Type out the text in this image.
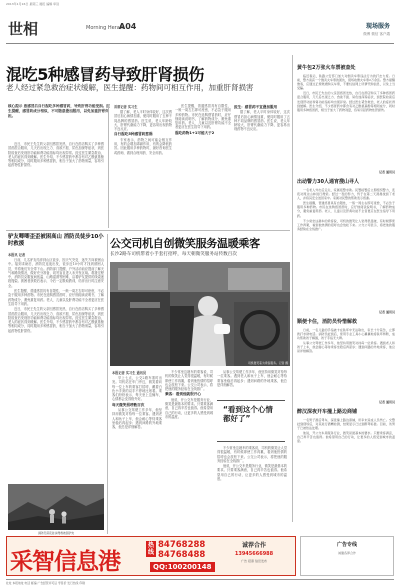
2013年1月16日 星期三 晨报 编辑 审读
世相	Morning Herald
A04	现场服务
微博 微信 客户端
混吃5种感冒药导致肝肾损伤
老人经过紧急救治症状缓解，医生提醒：药物间可相互作用，加重肝肾损害
核心提示 患感冒后自行混吃多种感冒药，导致肝肾功能受损。医生提醒，感冒药成分相似，不可随意叠加服用，以免加重肝肾负担。

近日，市民王先生的父亲因感冒发热，自行在药店购买了多种感冒药混合服用，几天后出现乏力、食欲不振、尿色加深等症状，到医院检查后发现肝功能和肾功能指标均出现异常。经过医生紧急救治，老人的症状得到缓解。医生介绍，不少感冒药中都含有对乙酰氨基酚等相同成分，同时服用多种感冒药，相当于加大了药物剂量，容易引起药物性肝损伤。

首席记者 实习生

据了解，老人平时身体较好，这次感冒后担心病情加重，便同时服用了五种不同品牌的感冒药。医生说，老人年龄较大，肝肾代谢能力下降，更容易出现药物不良反应。

自行混吃5种感冒药惹祸

专家表示，药物之间可能会相互作用，有的会增加毒副作用，有的会降低药效。因此服用多种药物时，最好咨询医生或药师，做到合理用药、安全用药。

医生提醒，普通感冒具有自限性，一般一周左右即可痊愈，不必急于服用多种药物。市民在选购感冒药时，应仔细阅读说明书，了解药物成分，避免重复用药。老人、儿童以及肝肾功能不全者更应在医生指导下用药。

混吃药物1+1可能大于2

医生：感冒药不宜叠加服用

据了解，老人平时身体较好，这次感冒后担心病情加重，便同时服用了五种不同品牌的感冒药。医生说，老人年龄较大，肝肾代谢能力下降，更容易出现药物不良反应。

驴友唧唧歪歪被困高山 消防员徒步10小时救援
本报讯 记者

日前，几名驴友结伴到山区徒步，因天气突变、迷失方向被困山中。接到求助后，消防员连夜出发，徒步近10小时才找到被困人员，并将他们安全带下山。消防部门提醒，户外活动前应提前了解天气和路线情况，做好充分准备，切勿盲目进入未开发区域。救援过程中，消防员克服夜间低温、山路湿滑等困难，沿着驴友提供的线索逐段搜索。被困者获救后表示，今后一定吸取教训，结伴出行时注意安全。

医生提醒，普通感冒具有自限性，一般一周左右即可痊愈，不必急于服用多种药物。市民在选购感冒药时，应仔细阅读说明书，了解药物成分，避免重复用药。老人、儿童以及肝肾功能不全者更应在医生指导下用药。

近日，市民王先生的父亲因感冒发热，自行在药店购买了多种感冒药混合服用，几天后出现乏力、食欲不振、尿色加深等症状，到医院检查后发现肝功能和肾功能指标均出现异常。经过医生紧急救治，老人的症状得到缓解。医生介绍，不少感冒药中都含有对乙酰氨基酚等相同成分，同时服用多种感冒药，相当于加大了药物剂量，容易引起药物性肝损伤。

消防员深夜徒步搜救被困驴友
公交司机自创微笑服务温暖乘客
长沙2路车司机带着小手套打招呼，每天朝微笑服务站传数百次
司机微笑着为乘客服务。记者 摄
本报记者 实习生 通讯员

早上七点，公交2路车准时出发。司机站在车门旁边，微笑着向每一位上车的乘客打招呼，戴着白色小手套的双手不停地比划着。乘客们纷纷表示，每天坐上这辆车，心情都会变得格外好。

每天微笑招呼数百次

从事公交驾驶工作多年，他坚持用微笑对待每一位乘客。遇到老人和孩子上车，他会耐心等待乘客坐稳后再起步；遇到问路的外地乘客，他总是详细解答。

不少常坐这趟车的乘客说，司机的微笑让人觉得很温暖，有时候即使工作再累，看到他热情的招呼也会放松下来。公交公司表示，将把他的服务经验在全线推广。

乘客：看到他就很开心

他说，开公交车是服务行业，微笑是最基本的要求。只要乘客满意，自己再辛苦也值得。他希望用自己的行动，让更多的人感受到城市的温度。

从事公交驾驶工作多年，他坚持用微笑对待每一位乘客。遇到老人和孩子上车，他会耐心等待乘客坐稳后再起步；遇到问路的外地乘客，他总是详细解答。

“看到这个心情都好了”

不少常坐这趟车的乘客说，司机的微笑让人觉得很温暖，有时候即使工作再累，看到他热情的招呼也会放松下来。公交公司表示，将把他的服务经验在全线推广。

他说，开公交车是服务行业，微笑是最基本的要求。只要乘客满意，自己再辛苦也值得。他希望用自己的行动，让更多的人感受到城市的温度。

黄牛包2万张火车票被查处

临近春运，铁路公安部门加大对倒卖车票违法行为的打击力度。日前，警方查获一个倒卖火车票的团伙，现场收缴火车票2万余张。警方提醒旅客，应通过正规渠道购买车票，不要轻信网上所谓代购信息，以免上当受骗。

近日，市民王先生的父亲因感冒发热，自行在药店购买了多种感冒药混合服用，几天后出现乏力、食欲不振、尿色加深等症状，到医院检查后发现肝功能和肾功能指标均出现异常。经过医生紧急救治，老人的症状得到缓解。医生介绍，不少感冒药中都含有对乙酰氨基酚等相同成分，同时服用多种感冒药，相当于加大了药物剂量，容易引起药物性肝损伤。

记者 通讯员
出动警力30人通宵搜山寻人

一名老人外出后走失，家属报警求助。民警接警后立即组织警力，连夜对周边山林进行搜索。经过一夜的努力，终于在第二天清晨找到了老人，并将其安全送回家中。家属对民警的帮助表示感谢。

医生提醒，普通感冒具有自限性，一般一周左右即可痊愈，不必急于服用多种药物。市民在选购感冒药时，应仔细阅读说明书，了解药物成分，避免重复用药。老人、儿童以及肝肾功能不全者更应在医生指导下用药。

不少常坐这趟车的乘客说，司机的微笑让人觉得很温暖，有时候即使工作再累，看到他热情的招呼也会放松下来。公交公司表示，将把他的服务经验在全线推广。

记者 通讯员
顺便卡住，消防员怜惜解救

日前，一名儿童的手指被卡在铁环中无法取出，家长十分着急，立即拨打求助电话。消防员赶到后，使用专业工具小心翼翼地将铁环剪断，成功帮助孩子解围，孩子手指无大碍。

从事公交驾驶工作多年，他坚持用微笑对待每一位乘客。遇到老人和孩子上车，他会耐心等待乘客坐稳后再起步；遇到问路的外地乘客，他总是详细解答。

记者 通讯员
醉汉深夜开车撞上路边商铺

一名男子酒后驾车，深夜撞上路边商铺，所幸未造成人员伤亡。交警赶到现场后，对其进行酒精检测，结果显示已达到醉驾标准。目前，该男子已被依法处理。

他说，开公交车是服务行业，微笑是最基本的要求。只要乘客满意，自己再辛苦也值得。他希望用自己的行动，让更多的人感受到城市的温度。

采智信息港
热线
84768288
84768488
QQ:100200148
诚荐合作
13945666988
广告 招商 信息发布
广告专线
诚邀各界合作
社址 本报地址 电话 邮编 广告经营许可证 零售价 发行热线 印刷
